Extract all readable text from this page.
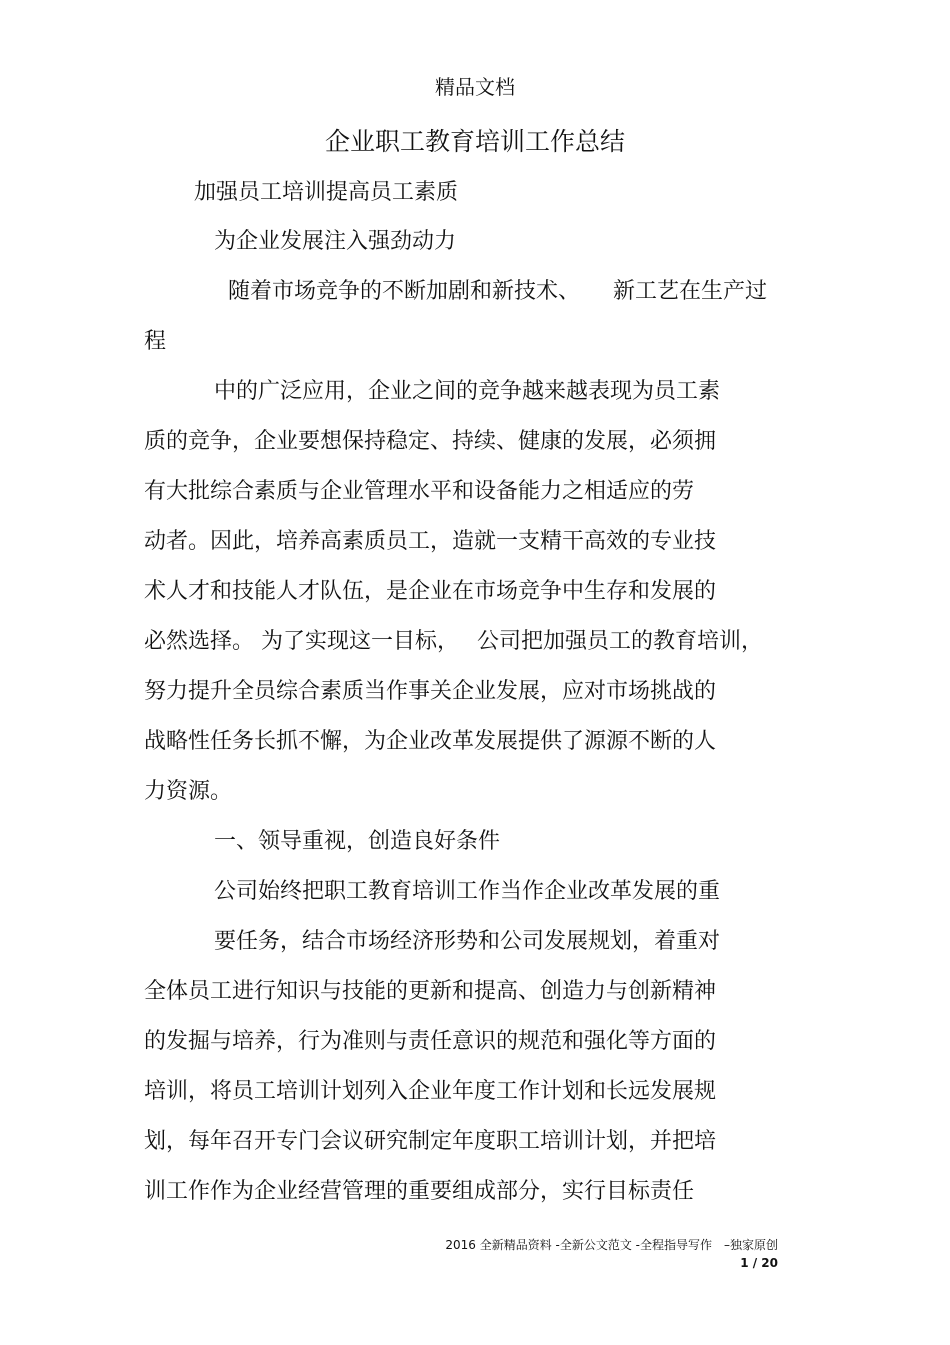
精品文档
企业职工教育培训工作总结
加强员工培训提高员工素质
为企业发展注入强劲动力
随着市场竞争的不断加剧和新技术、　　新工艺在生产过
程
中的广泛应用，企业之间的竞争越来越表现为员工素
质的竞争，企业要想保持稳定、持续、健康的发展，必须拥
有大批综合素质与企业管理水平和设备能力之相适应的劳
动者。因此，培养高素质员工，造就一支精干高效的专业技
术人才和技能人才队伍，是企业在市场竞争中生存和发展的
必然选择。 为了实现这一目标，　 公司把加强员工的教育培训，
努力提升全员综合素质当作事关企业发展，应对市场挑战的
战略性任务长抓不懈，为企业改革发展提供了源源不断的人
力资源。
一、领导重视，创造良好条件
公司始终把职工教育培训工作当作企业改革发展的重
要任务，结合市场经济形势和公司发展规划，着重对
全体员工进行知识与技能的更新和提高、创造力与创新精神
的发掘与培养，行为准则与责任意识的规范和强化等方面的
培训，将员工培训计划列入企业年度工作计划和长远发展规
划，每年召开专门会议研究制定年度职工培训计划，并把培
训工作作为企业经营管理的重要组成部分，实行目标责任
2016 全新精品资料 -全新公文范文 -全程指导写作　–独家原创
1 / 20
